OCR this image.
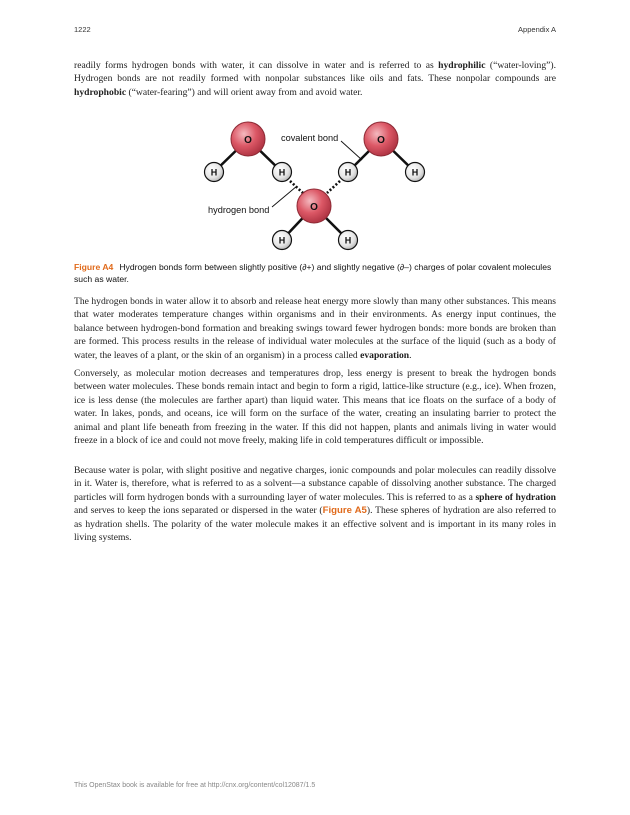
1222	Appendix A

readily forms hydrogen bonds with water, it can dissolve in water and is referred to as hydrophilic (“water-loving”). Hydrogen bonds are not readily formed with nonpolar substances like oils and fats. These nonpolar compounds are hydrophobic (“water-fearing”) and will orient away from and avoid water.

O	O
O
H	H	H	H
H	H
covalent bond
hydrogen bond

Figure A4 Hydrogen bonds form between slightly positive (∂+) and slightly negative (∂–) charges of polar covalent molecules such as water.

The hydrogen bonds in water allow it to absorb and release heat energy more slowly than many other substances. This means that water moderates temperature changes within organisms and in their environments. As energy input continues, the balance between hydrogen-bond formation and breaking swings toward fewer hydrogen bonds: more bonds are broken than are formed. This process results in the release of individual water molecules at the surface of the liquid (such as a body of water, the leaves of a plant, or the skin of an organism) in a process called evaporation.

Conversely, as molecular motion decreases and temperatures drop, less energy is present to break the hydrogen bonds between water molecules. These bonds remain intact and begin to form a rigid, lattice-like structure (e.g., ice). When frozen, ice is less dense (the molecules are farther apart) than liquid water. This means that ice floats on the surface of a body of water. In lakes, ponds, and oceans, ice will form on the surface of the water, creating an insulating barrier to protect the animal and plant life beneath from freezing in the water. If this did not happen, plants and animals living in water would freeze in a block of ice and could not move freely, making life in cold temperatures difficult or impossible.

Because water is polar, with slight positive and negative charges, ionic compounds and polar molecules can readily dissolve in it. Water is, therefore, what is referred to as a solvent—a substance capable of dissolving another substance. The charged particles will form hydrogen bonds with a surrounding layer of water molecules. This is referred to as a sphere of hydration and serves to keep the ions separated or dispersed in the water (Figure A5). These spheres of hydration are also referred to as hydration shells. The polarity of the water molecule makes it an effective solvent and is important in its many roles in living systems.

This OpenStax book is available for free at http://cnx.org/content/col12087/1.5
